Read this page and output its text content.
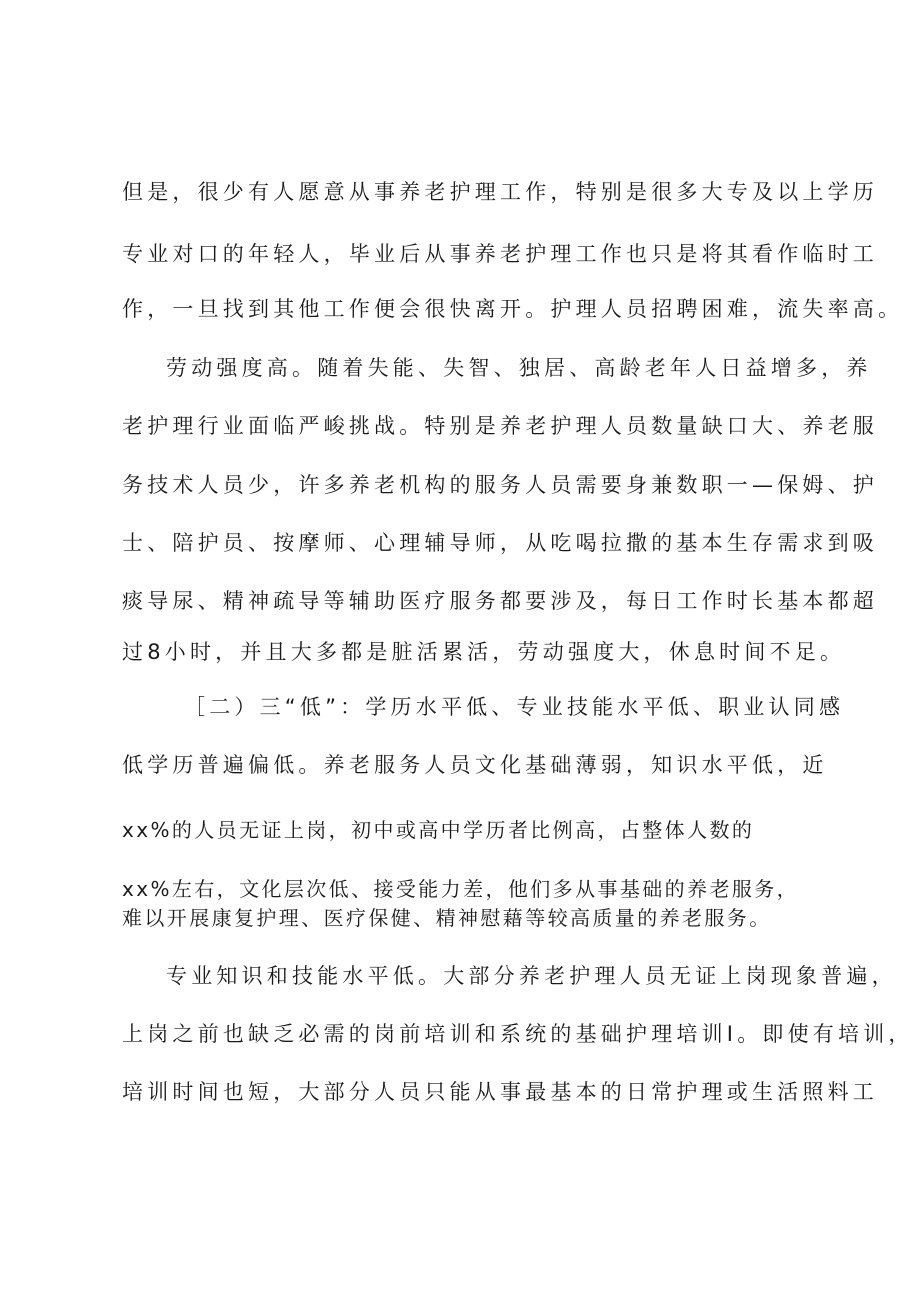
但是，很少有人愿意从事养老护理工作，特别是很多大专及以上学历
专业对口的年轻人，毕业后从事养老护理工作也只是将其看作临时工
作，一旦找到其他工作便会很快离开。护理人员招聘困难，流失率高。
劳动强度高。随着失能、失智、独居、高龄老年人日益增多，养
老护理行业面临严峻挑战。特别是养老护理人员数量缺口大、养老服
务技术人员少，许多养老机构的服务人员需要身兼数职一—保姆、护
士、陪护员、按摩师、心理辅导师，从吃喝拉撒的基本生存需求到吸
痰导尿、精神疏导等辅助医疗服务都要涉及，每日工作时长基本都超
过8小时，并且大多都是脏活累活，劳动强度大，休息时间不足。
［二）三“低”：学历水平低、专业技能水平低、职业认同感
低学历普遍偏低。养老服务人员文化基础薄弱，知识水平低，近
xx%的人员无证上岗，初中或高中学历者比例高，占整体人数的
xx%左右，文化层次低、接受能力差，他们多从事基础的养老服务，
难以开展康复护理、医疗保健、精神慰藉等较高质量的养老服务。
专业知识和技能水平低。大部分养老护理人员无证上岗现象普遍，
上岗之前也缺乏必需的岗前培训和系统的基础护理培训I。即使有培训，
培训时间也短，大部分人员只能从事最基本的日常护理或生活照料工
